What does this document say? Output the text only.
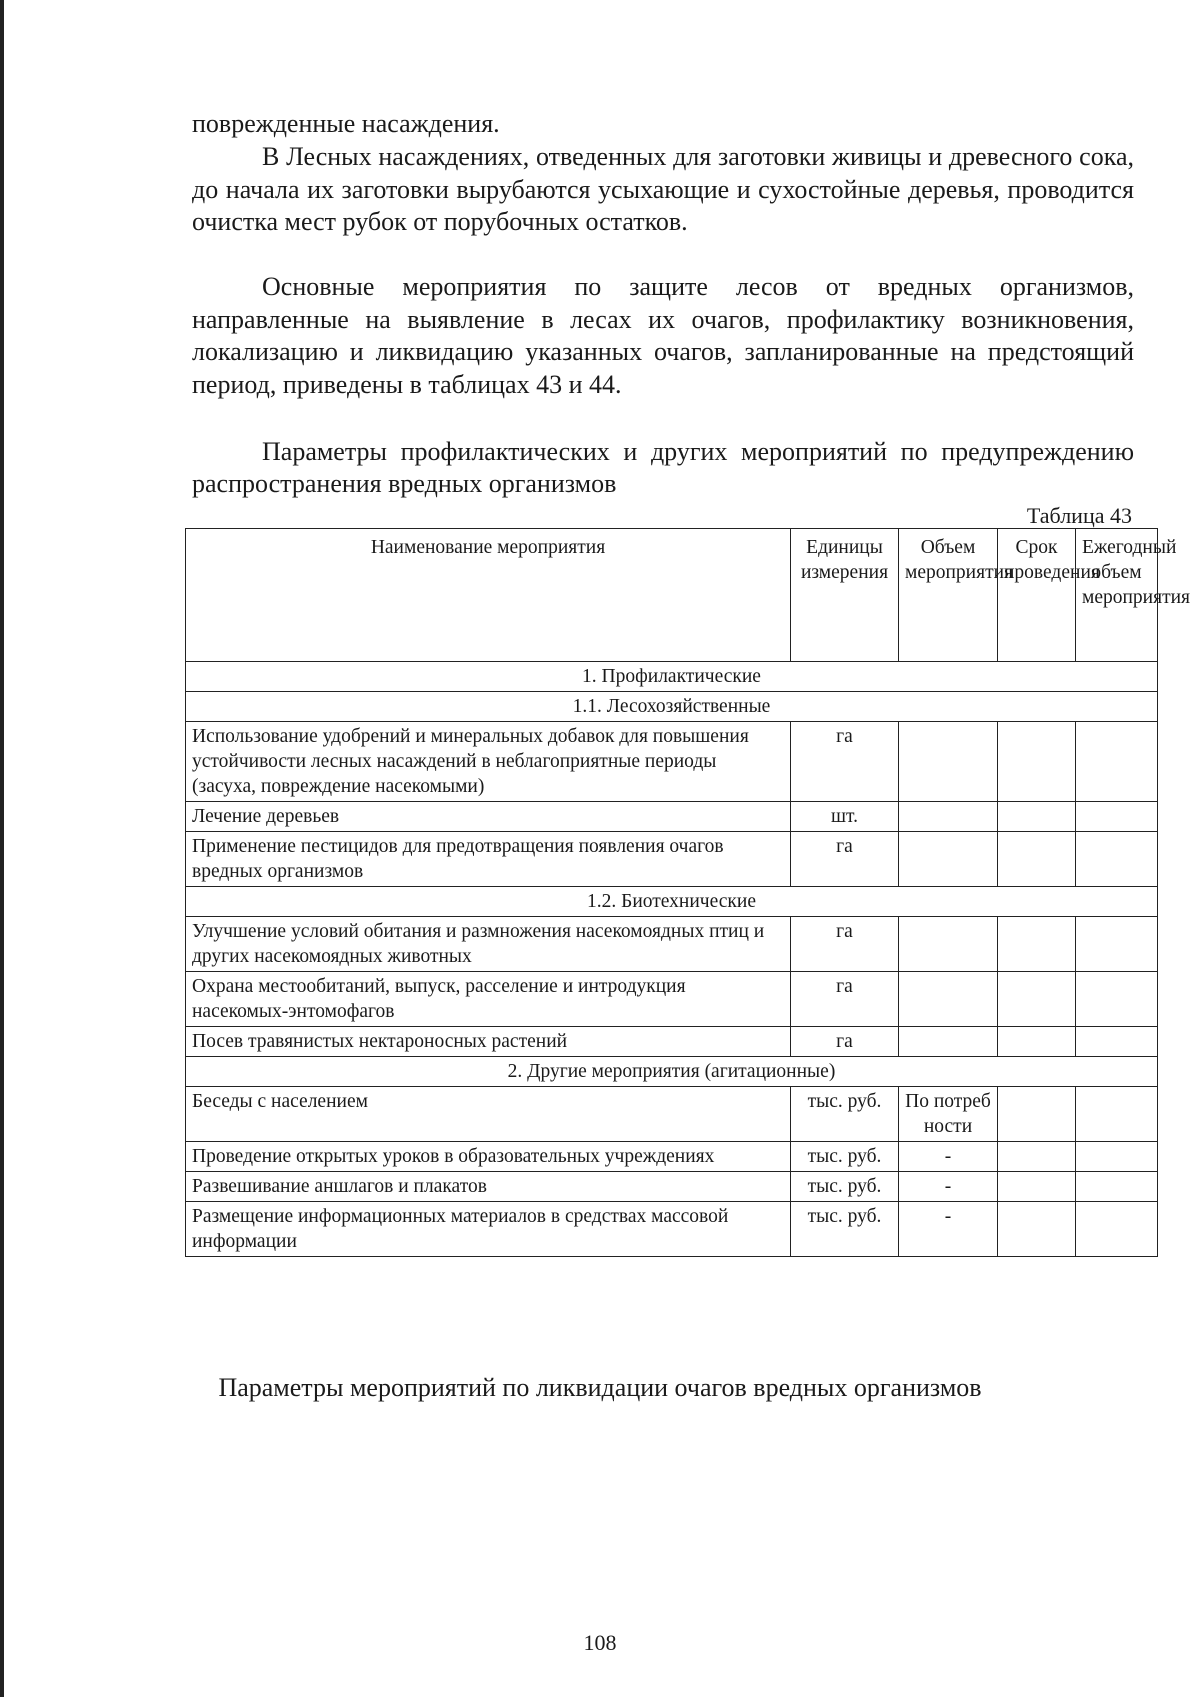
поврежденные насаждения.

В Лесных насаждениях, отведенных для заготовки живицы и древесного сока, до начала их заготовки вырубаются усыхающие и сухостойные деревья, проводится очистка мест рубок от порубочных остатков.

Основные мероприятия по защите лесов от вредных организмов, направленные на выявление в лесах их очагов, профилактику возникновения, локализацию и ликвидацию указанных очагов, запланированные на предстоящий период, приведены в таблицах 43 и 44.

Параметры профилактических и других мероприятий по предупреждению распространения вредных организмов

Таблица 43
Наименование мероприятия	Единицы измерения	Объем мероприятия	Срок проведения	Ежегодный объем мероприятия
1. Профилактические				
1.1. Лесохозяйственные				
Использование удобрений и минеральных добавок для повышения устойчивости лесных насаждений в неблагоприятные периоды (засуха, повреждение насекомыми)	га			
Лечение деревьев	шт.			
Применение пестицидов для предотвращения появления очагов вредных организмов	га			
1.2. Биотехнические				
Улучшение условий обитания и размножения насекомоядных птиц и других насекомоядных животных	га			
Охрана местообитаний, выпуск, расселение и интродукция насекомых-энтомофагов	га			
Посев травянистых нектароносных растений	га			
2. Другие мероприятия (агитационные)				
Беседы с населением	тыс. руб.	По потребности		
Проведение открытых уроков в образовательных учреждениях	тыс. руб.	-		
Развешивание аншлагов и плакатов	тыс. руб.	-		
Размещение информационных материалов в средствах массовой информации	тыс. руб.	-		
Параметры мероприятий по ликвидации очагов вредных организмов
108
